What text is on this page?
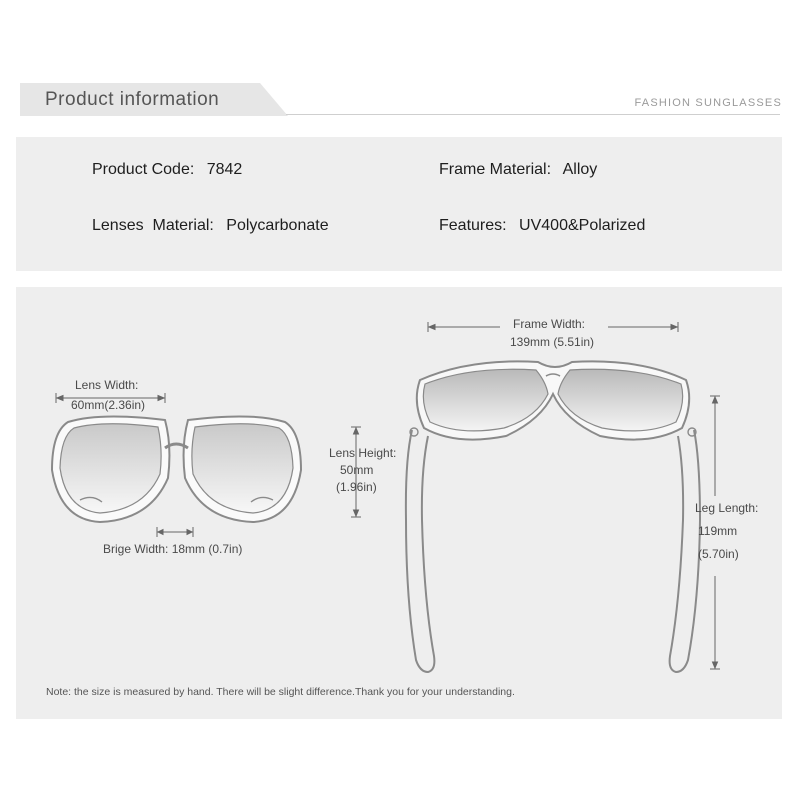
Product information	FASHION SUNGLASSES
Product Code: 7842	Frame Material: Alloy
Lenses  Material: Polycarbonate	Features: UV400&Polarized
Lens Width:
60mm(2.36in)
Brige Width: 18mm (0.7in)
Lens Height:
50mm
(1.96in)
Frame Width:
139mm (5.51in)
Leg Length:
119mm
(5.70in)
Note: the size is measured by hand. There will be slight difference.Thank you for your understanding.
